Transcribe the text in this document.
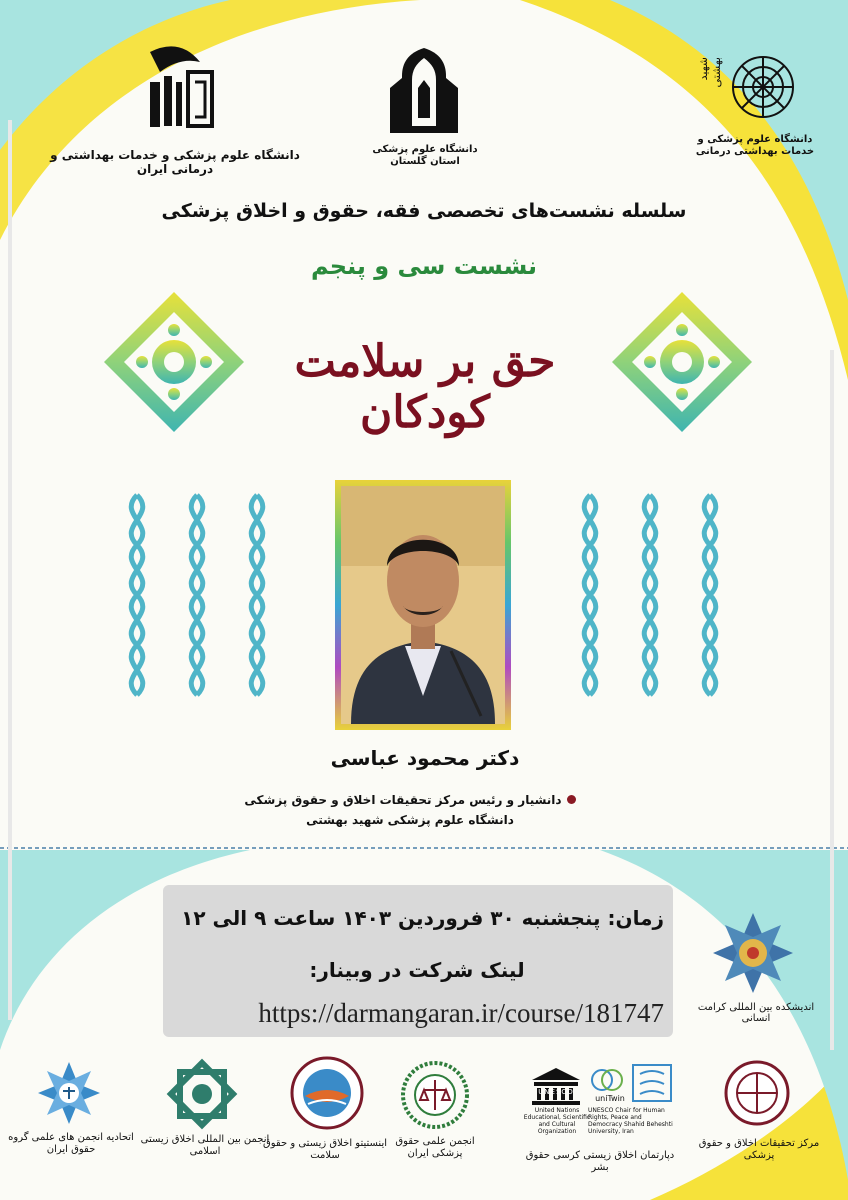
دانشگاه علوم پزشکی و خدمات بهداشتی و درمانی ایران
دانشگاه علوم پزشکی
استان گلستان
شهید بهشتی
دانشگاه علوم پزشکی و خدمات بهداشتی درمانی
سلسله نشست‌های تخصصی فقه، حقوق و اخلاق پزشکی
نشست سی و پنجم
حق بر سلامت کودکان
دکتر محمود عباسی
دانشیار و رئیس مرکز تحقیقات اخلاق و حقوق پزشکی
دانشگاه علوم پزشکی شهید بهشتی
زمان: پنجشنبه ۳۰ فروردین ۱۴۰۳ ساعت ۹ الی ۱۲
لینک شرکت در وبینار:
https://darmangaran.ir/course/181747	اندیشکده بین المللی کرامت انسانی
مرکز تحقیقات اخلاق و حقوق پزشکی
UNESCO
United Nations Educational, Scientific and Cultural Organization
uniTwin
UNESCO Chair for Human Rights, Peace and Democracy Shahid Beheshti University, Iran
دپارتمان اخلاق زیستی کرسی حقوق بشر
انجمن علمی حقوق پزشکی ایران
اینستیتو اخلاق زیستی و حقوق سلامت
انجمن بین المللی اخلاق زیستی اسلامی
اتحادیه انجمن های علمی گروه حقوق ایران
